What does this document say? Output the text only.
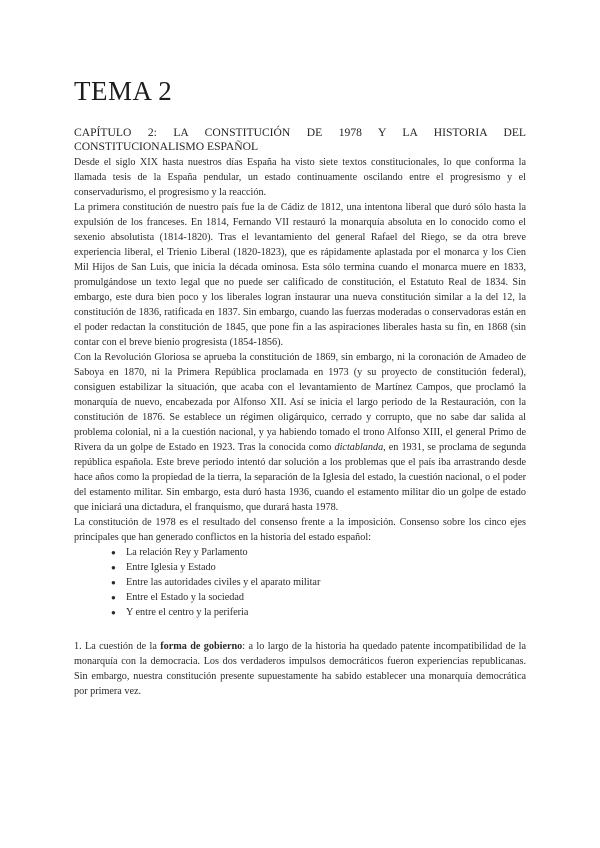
TEMA 2
CAPÍTULO 2: LA CONSTITUCIÓN DE 1978 Y LA HISTORIA DEL CONSTITUCIONALISMO ESPAÑOL

Desde el siglo XIX hasta nuestros días España ha visto siete textos constitucionales, lo que conforma la llamada tesis de la España pendular, un estado continuamente oscilando entre el progresismo y el conservadurismo, el progresismo y la reacción.

La primera constitución de nuestro país fue la de Cádiz de 1812, una intentona liberal que duró sólo hasta la expulsión de los franceses. En 1814, Fernando VII restauró la monarquía absoluta en lo conocido como el sexenio absolutista (1814-1820). Tras el levantamiento del general Rafael del Riego, se da otra breve experiencia liberal, el Trienio Liberal (1820-1823), que es rápidamente aplastada por el monarca y los Cien Mil Hijos de San Luis, que inicia la década ominosa. Esta sólo termina cuando el monarca muere en 1833, promulgándose un texto legal que no puede ser calificado de constitución, el Estatuto Real de 1834. Sin embargo, este dura bien poco y los liberales logran instaurar una nueva constitución similar a la del 12, la constitución de 1836, ratificada en 1837. Sin embargo, cuando las fuerzas moderadas o conservadoras están en el poder redactan la constitución de 1845, que pone fin a las aspiraciones liberales hasta su fin, en 1868 (sin contar con el breve bienio progresista (1854-1856).

Con la Revolución Gloriosa se aprueba la constitución de 1869, sin embargo, ni la coronación de Amadeo de Saboya en 1870, ni la Primera República proclamada en 1973 (y su proyecto de constitución federal), consiguen estabilizar la situación, que acaba con el levantamiento de Martínez Campos, que proclamó la monarquía de nuevo, encabezada por Alfonso XII. Así se inicia el largo periodo de la Restauración, con la constitución de 1876. Se establece un régimen oligárquico, cerrado y corrupto, que no sabe dar salida al problema colonial, ni a la cuestión nacional, y ya habiendo tomado el trono Alfonso XIII, el general Primo de Rivera da un golpe de Estado en 1923. Tras la conocida como dictablanda, en 1931, se proclama de segunda república española. Este breve periodo intentó dar solución a los problemas que el país iba arrastrando desde hace años como la propiedad de la tierra, la separación de la Iglesia del estado, la cuestión nacional, o el poder del estamento militar. Sin embargo, esta duró hasta 1936, cuando el estamento militar dio un golpe de estado que iniciará una dictadura, el franquismo, que durará hasta 1978.

La constitución de 1978 es el resultado del consenso frente a la imposición. Consenso sobre los cinco ejes principales que han generado conflictos en la historia del estado español:

● La relación Rey y Parlamento
● Entre Iglesia y Estado
● Entre las autoridades civiles y el aparato militar
● Entre el Estado y la sociedad
● Y entre el centro y la periferia

1. La cuestión de la forma de gobierno: a lo largo de la historia ha quedado patente incompatibilidad de la monarquía con la democracia. Los dos verdaderos impulsos democráticos fueron experiencias republicanas. Sin embargo, nuestra constitución presente supuestamente ha sabido establecer una monarquía democrática por primera vez.
